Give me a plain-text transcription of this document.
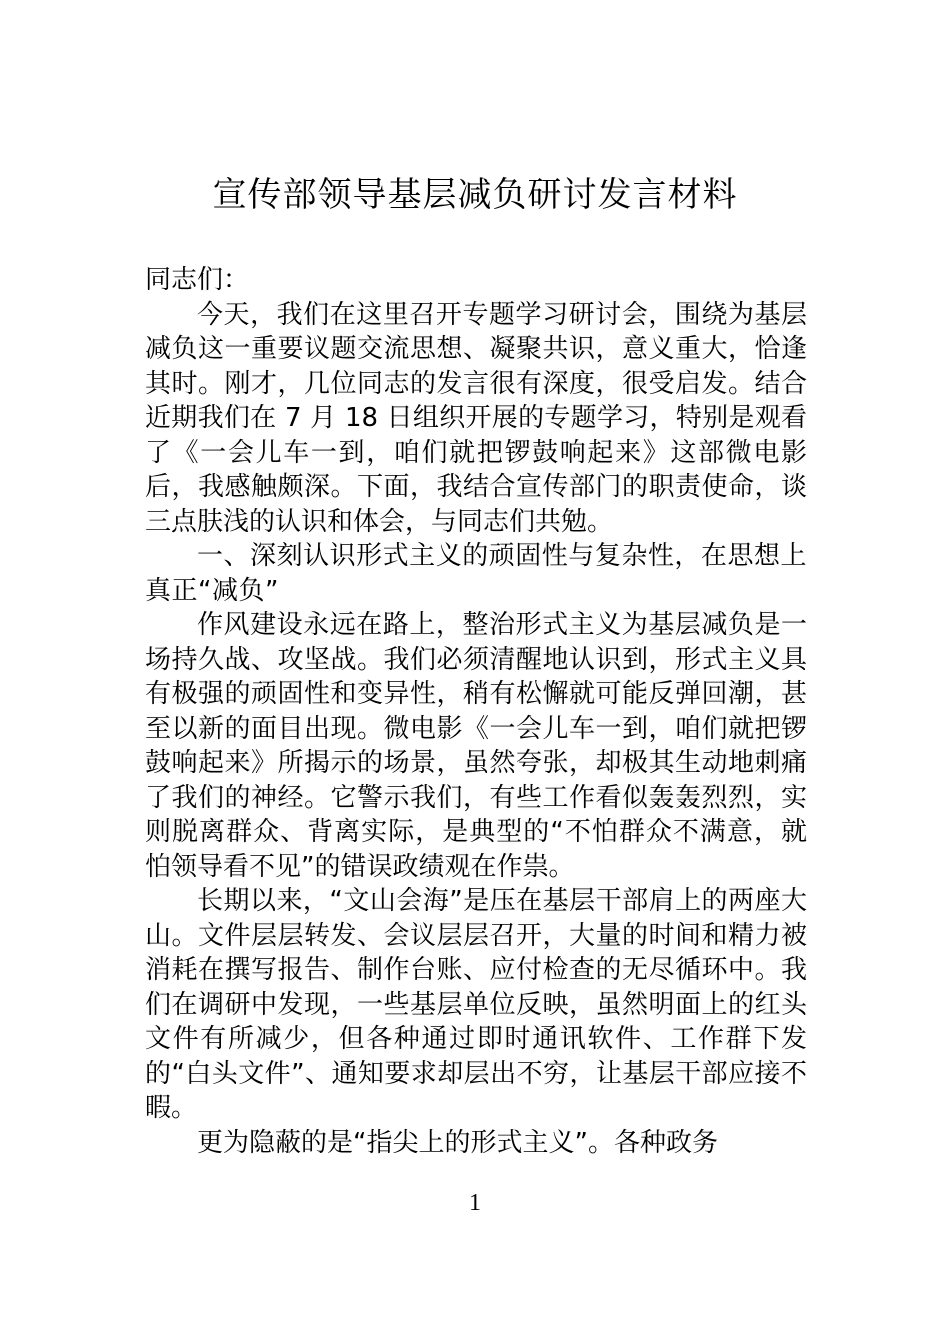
宣传部领导基层减负研讨发言材料

同志们：

今天，我们在这里召开专题学习研讨会，围绕为基层减负这一重要议题交流思想、凝聚共识，意义重大，恰逢其时。刚才，几位同志的发言很有深度，很受启发。结合近期我们在 7 月 18 日组织开展的专题学习，特别是观看了《一会儿车一到，咱们就把锣鼓响起来》这部微电影后，我感触颇深。下面，我结合宣传部门的职责使命，谈三点肤浅的认识和体会，与同志们共勉。

一、深刻认识形式主义的顽固性与复杂性，在思想上真正“减负”

作风建设永远在路上，整治形式主义为基层减负是一场持久战、攻坚战。我们必须清醒地认识到，形式主义具有极强的顽固性和变异性，稍有松懈就可能反弹回潮，甚至以新的面目出现。微电影《一会儿车一到，咱们就把锣鼓响起来》所揭示的场景，虽然夸张，却极其生动地刺痛了我们的神经。它警示我们，有些工作看似轰轰烈烈，实则脱离群众、背离实际，是典型的“不怕群众不满意，就怕领导看不见”的错误政绩观在作祟。

长期以来，“文山会海”是压在基层干部肩上的两座大山。文件层层转发、会议层层召开，大量的时间和精力被消耗在撰写报告、制作台账、应付检查的无尽循环中。我们在调研中发现，一些基层单位反映，虽然明面上的红头文件有所减少，但各种通过即时通讯软件、工作群下发的“白头文件”、通知要求却层出不穷，让基层干部应接不暇。

更为隐蔽的是“指尖上的形式主义”。各种政务

1
